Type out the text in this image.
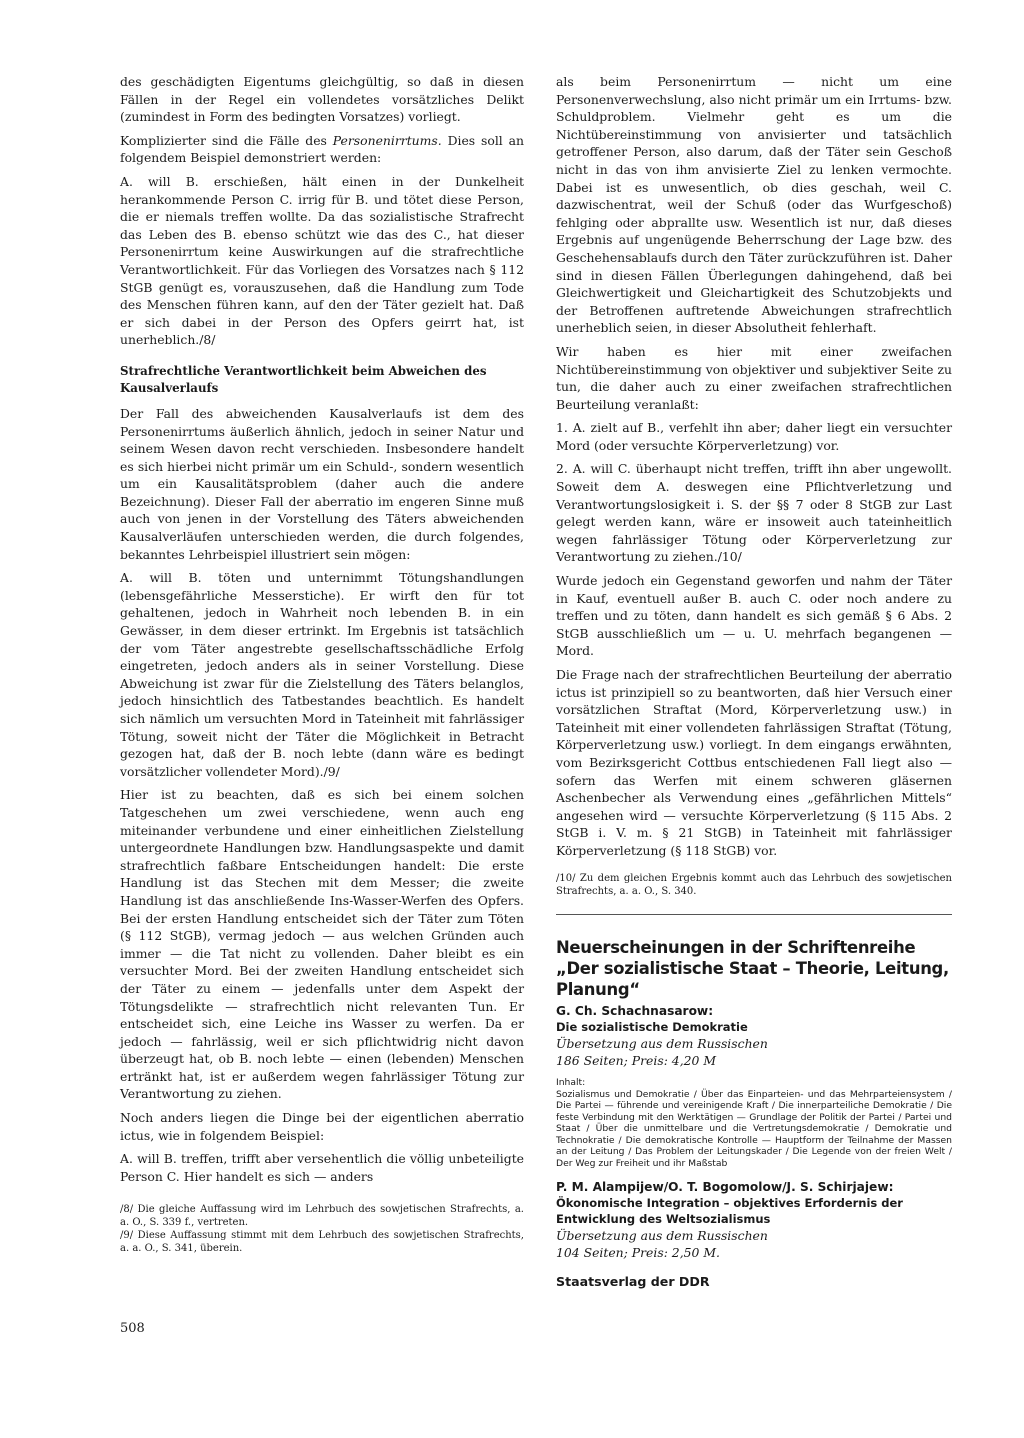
des geschädigten Eigentums gleichgültig, so daß in diesen Fällen in der Regel ein vollendetes vorsätzliches Delikt (zumindest in Form des bedingten Vorsatzes) vorliegt.

Komplizierter sind die Fälle des Personenirrtums. Dies soll an folgendem Beispiel demonstriert werden:

A. will B. erschießen, hält einen in der Dunkelheit herankommende Person C. irrig für B. und tötet diese Person, die er niemals treffen wollte. Da das sozialistische Strafrecht das Leben des B. ebenso schützt wie das des C., hat dieser Personenirrtum keine Auswirkungen auf die strafrechtliche Verantwortlichkeit. Für das Vorliegen des Vorsatzes nach § 112 StGB genügt es, vorauszusehen, daß die Handlung zum Tode des Menschen führen kann, auf den der Täter gezielt hat. Daß er sich dabei in der Person des Opfers geirrt hat, ist unerheblich./8/

Strafrechtliche Verantwortlichkeit beim Abweichen des Kausalverlaufs

Der Fall des abweichenden Kausalverlaufs ist dem des Personenirrtums äußerlich ähnlich, jedoch in seiner Natur und seinem Wesen davon recht verschieden. Insbesondere handelt es sich hierbei nicht primär um ein Schuld-, sondern wesentlich um ein Kausalitätsproblem (daher auch die andere Bezeichnung). Dieser Fall der aberratio im engeren Sinne muß auch von jenen in der Vorstellung des Täters abweichenden Kausalverläufen unterschieden werden, die durch folgendes, bekanntes Lehrbeispiel illustriert sein mögen:

A. will B. töten und unternimmt Tötungshandlungen (lebensgefährliche Messerstiche). Er wirft den für tot gehaltenen, jedoch in Wahrheit noch lebenden B. in ein Gewässer, in dem dieser ertrinkt. Im Ergebnis ist tatsächlich der vom Täter angestrebte gesellschaftsschädliche Erfolg eingetreten, jedoch anders als in seiner Vorstellung. Diese Abweichung ist zwar für die Zielstellung des Täters belanglos, jedoch hinsichtlich des Tatbestandes beachtlich. Es handelt sich nämlich um versuchten Mord in Tateinheit mit fahrlässiger Tötung, soweit nicht der Täter die Möglichkeit in Betracht gezogen hat, daß der B. noch lebte (dann wäre es bedingt vorsätzlicher vollendeter Mord)./9/

Hier ist zu beachten, daß es sich bei einem solchen Tatgeschehen um zwei verschiedene, wenn auch eng miteinander verbundene und einer einheitlichen Zielstellung untergeordnete Handlungen bzw. Handlungsaspekte und damit strafrechtlich faßbare Entscheidungen handelt: Die erste Handlung ist das Stechen mit dem Messer; die zweite Handlung ist das anschließende Ins-Wasser-Werfen des Opfers. Bei der ersten Handlung entscheidet sich der Täter zum Töten (§ 112 StGB), vermag jedoch — aus welchen Gründen auch immer — die Tat nicht zu vollenden. Daher bleibt es ein versuchter Mord. Bei der zweiten Handlung entscheidet sich der Täter zu einem — jedenfalls unter dem Aspekt der Tötungsdelikte — strafrechtlich nicht relevanten Tun. Er entscheidet sich, eine Leiche ins Wasser zu werfen. Da er jedoch — fahrlässig, weil er sich pflichtwidrig nicht davon überzeugt hat, ob B. noch lebte — einen (lebenden) Menschen ertränkt hat, ist er außerdem wegen fahrlässiger Tötung zur Verantwortung zu ziehen.

Noch anders liegen die Dinge bei der eigentlichen aberratio ictus, wie in folgendem Beispiel:

A. will B. treffen, trifft aber versehentlich die völlig unbeteiligte Person C. Hier handelt es sich — anders

/8/ Die gleiche Auffassung wird im Lehrbuch des sowjetischen Strafrechts, a. a. O., S. 339 f., vertreten.

/9/ Diese Auffassung stimmt mit dem Lehrbuch des sowjetischen Strafrechts, a. a. O., S. 341, überein.

als beim Personenirrtum — nicht um eine Personenverwechslung, also nicht primär um ein Irrtums- bzw. Schuldproblem. Vielmehr geht es um die Nichtübereinstimmung von anvisierter und tatsächlich getroffener Person, also darum, daß der Täter sein Geschoß nicht in das von ihm anvisierte Ziel zu lenken vermochte. Dabei ist es unwesentlich, ob dies geschah, weil C. dazwischentrat, weil der Schuß (oder das Wurfgeschoß) fehlging oder abprallte usw. Wesentlich ist nur, daß dieses Ergebnis auf ungenügende Beherrschung der Lage bzw. des Geschehensablaufs durch den Täter zurückzuführen ist. Daher sind in diesen Fällen Überlegungen dahingehend, daß bei Gleichwertigkeit und Gleichartigkeit des Schutzobjekts und der Betroffenen auftretende Abweichungen strafrechtlich unerheblich seien, in dieser Absolutheit fehlerhaft.

Wir haben es hier mit einer zweifachen Nichtübereinstimmung von objektiver und subjektiver Seite zu tun, die daher auch zu einer zweifachen strafrechtlichen Beurteilung veranlaßt:

1. A. zielt auf B., verfehlt ihn aber; daher liegt ein versuchter Mord (oder versuchte Körperverletzung) vor.

2. A. will C. überhaupt nicht treffen, trifft ihn aber ungewollt. Soweit dem A. deswegen eine Pflichtverletzung und Verantwortungslosigkeit i. S. der §§ 7 oder 8 StGB zur Last gelegt werden kann, wäre er insoweit auch tateinheitlich wegen fahrlässiger Tötung oder Körperverletzung zur Verantwortung zu ziehen./10/

Wurde jedoch ein Gegenstand geworfen und nahm der Täter in Kauf, eventuell außer B. auch C. oder noch andere zu treffen und zu töten, dann handelt es sich gemäß § 6 Abs. 2 StGB ausschließlich um — u. U. mehrfach begangenen — Mord.

Die Frage nach der strafrechtlichen Beurteilung der aberratio ictus ist prinzipiell so zu beantworten, daß hier Versuch einer vorsätzlichen Straftat (Mord, Körperverletzung usw.) in Tateinheit mit einer vollendeten fahrlässigen Straftat (Tötung, Körperverletzung usw.) vorliegt. In dem eingangs erwähnten, vom Bezirksgericht Cottbus entschiedenen Fall liegt also — sofern das Werfen mit einem schweren gläsernen Aschenbecher als Verwendung eines „gefährlichen Mittels“ angesehen wird — versuchte Körperverletzung (§ 115 Abs. 2 StGB i. V. m. § 21 StGB) in Tateinheit mit fahrlässiger Körperverletzung (§ 118 StGB) vor.

/10/ Zu dem gleichen Ergebnis kommt auch das Lehrbuch des sowjetischen Strafrechts, a. a. O., S. 340.

Neuerscheinungen in der Schriftenreihe „Der sozialistische Staat – Theorie, Leitung, Planung“
G. Ch. Schachnasarow:
Die sozialistische Demokratie
Übersetzung aus dem Russischen
186 Seiten; Preis: 4,20 M
Inhalt:
Sozialismus und Demokratie / Über das Einparteien- und das Mehrparteiensystem / Die Partei — führende und vereinigende Kraft / Die innerparteiliche Demokratie / Die feste Verbindung mit den Werktätigen — Grundlage der Politik der Partei / Partei und Staat / Über die unmittelbare und die Vertretungsdemokratie / Demokratie und Technokratie / Die demokratische Kontrolle — Hauptform der Teilnahme der Massen an der Leitung / Das Problem der Leitungskader / Die Legende von der freien Welt / Der Weg zur Freiheit und ihr Maßstab
P. M. Alampijew/O. T. Bogomolow/J. S. Schirjajew:
Ökonomische Integration – objektives Erfordernis der Entwicklung des Weltsozialismus
Übersetzung aus dem Russischen
104 Seiten; Preis: 2,50 M.
Staatsverlag der DDR
508
